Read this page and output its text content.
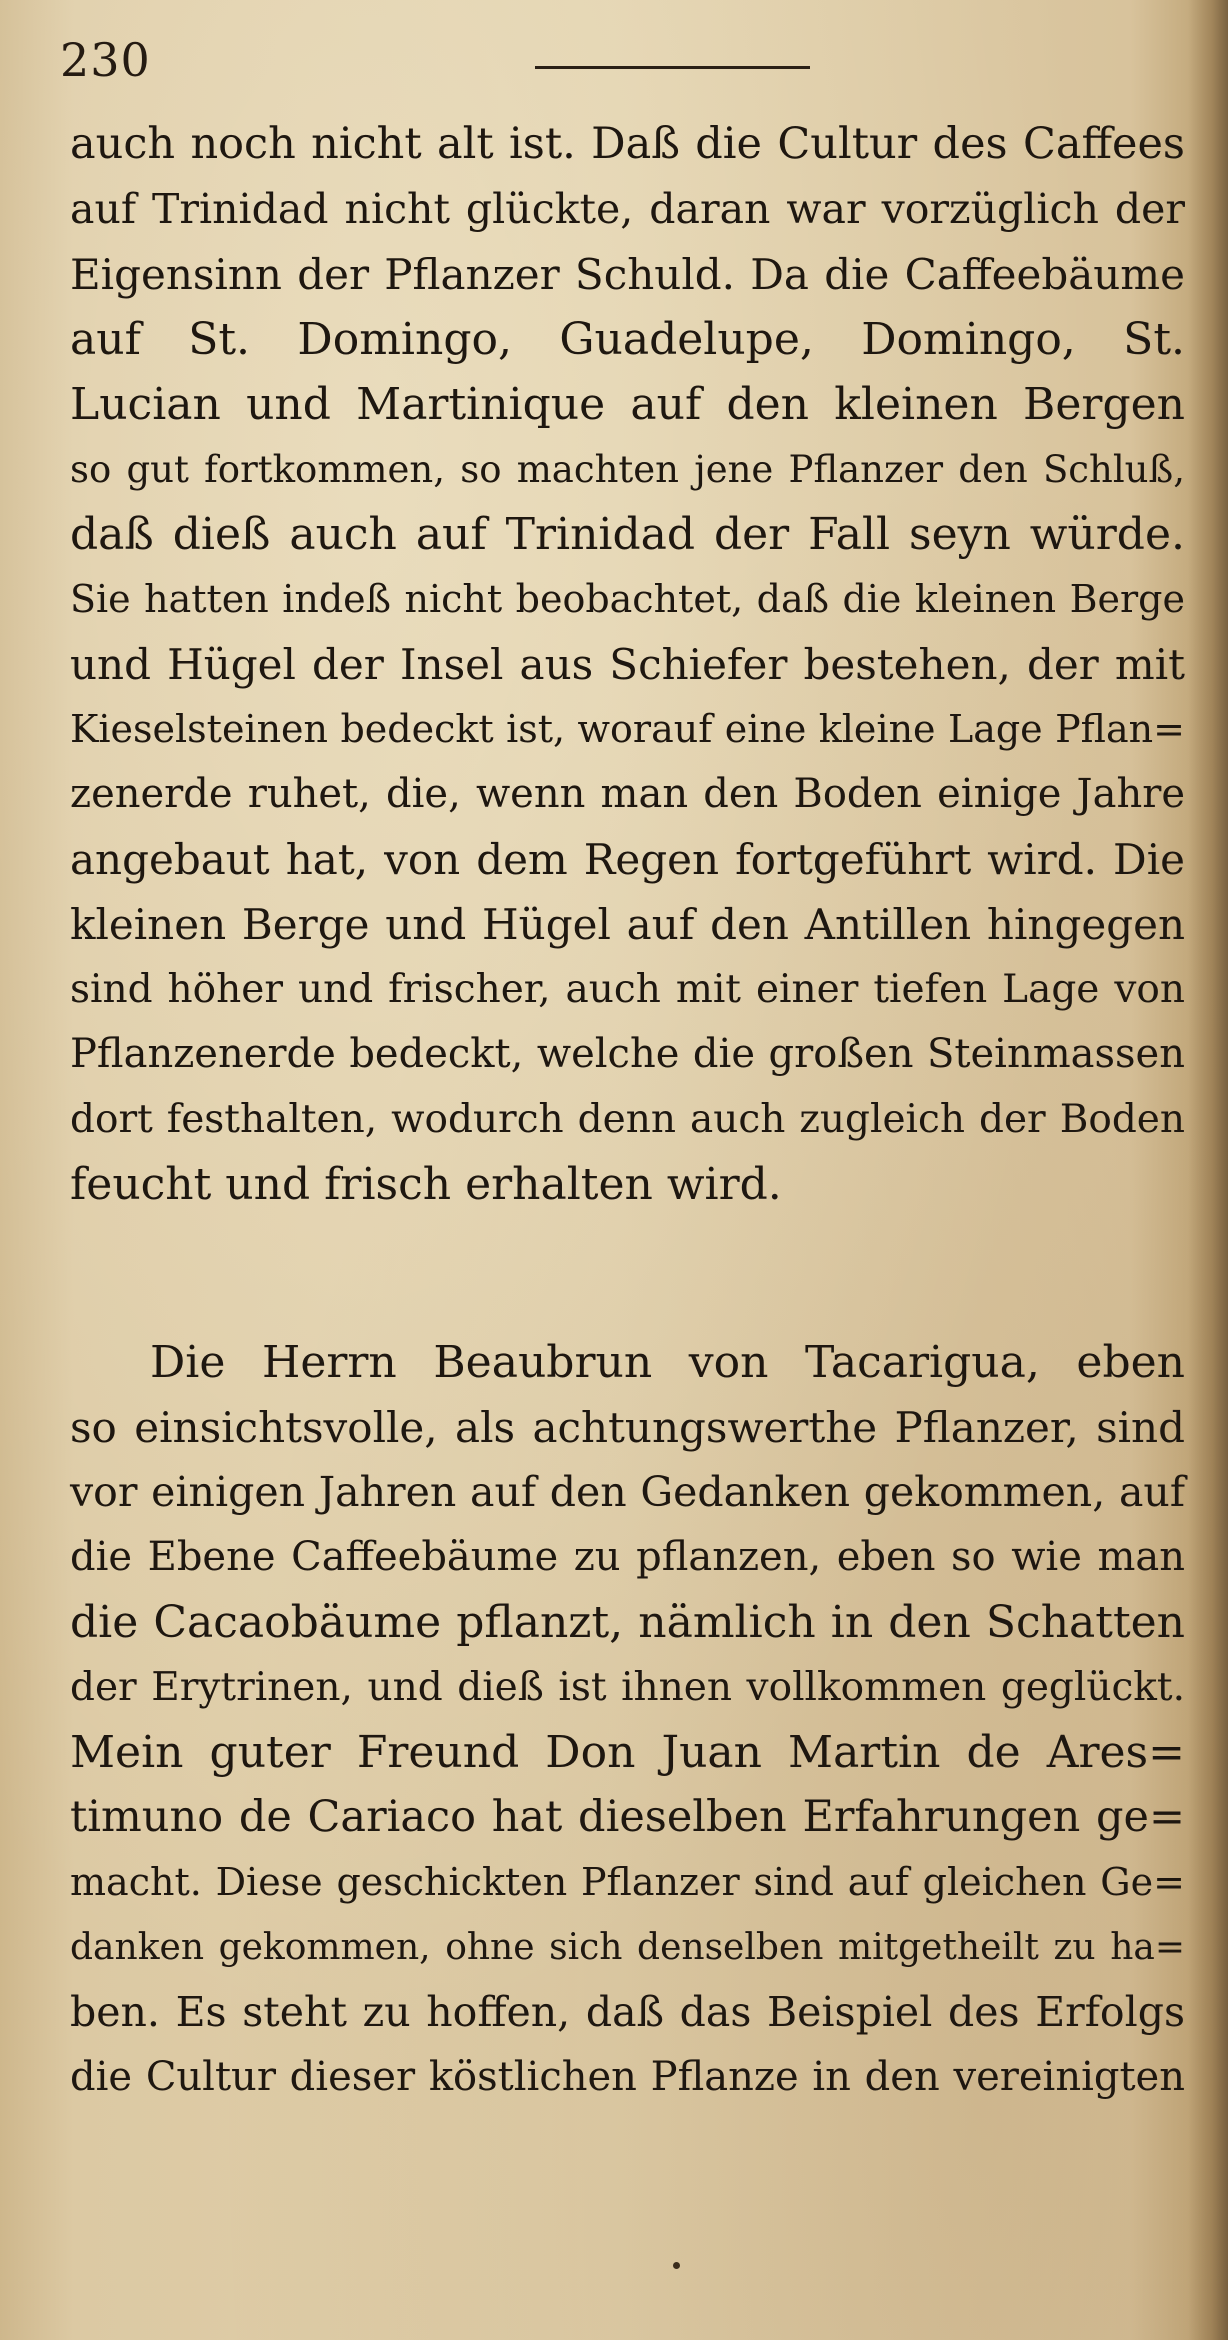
230
auch noch nicht alt ist. Daß die Cultur des Caffees
auf Trinidad nicht glückte, daran war vorzüglich der
Eigensinn der Pflanzer Schuld. Da die Caffeebäume
auf St. Domingo, Guadelupe, Domingo, St.
Lucian und Martinique auf den kleinen Bergen
so gut fortkommen, so machten jene Pflanzer den Schluß,
daß dieß auch auf Trinidad der Fall seyn würde.
Sie hatten indeß nicht beobachtet, daß die kleinen Berge
und Hügel der Insel aus Schiefer bestehen, der mit
Kieselsteinen bedeckt ist, worauf eine kleine Lage Pflan=
zenerde ruhet, die, wenn man den Boden einige Jahre
angebaut hat, von dem Regen fortgeführt wird. Die
kleinen Berge und Hügel auf den Antillen hingegen
sind höher und frischer, auch mit einer tiefen Lage von
Pflanzenerde bedeckt, welche die großen Steinmassen
dort festhalten, wodurch denn auch zugleich der Boden
feucht und frisch erhalten wird.
Die Herrn Beaubrun von Tacarigua, eben
so einsichtsvolle, als achtungswerthe Pflanzer, sind
vor einigen Jahren auf den Gedanken gekommen, auf
die Ebene Caffeebäume zu pflanzen, eben so wie man
die Cacaobäume pflanzt, nämlich in den Schatten
der Erytrinen, und dieß ist ihnen vollkommen geglückt.
Mein guter Freund Don Juan Martin de Ares=
timuno de Cariaco hat dieselben Erfahrungen ge=
macht. Diese geschickten Pflanzer sind auf gleichen Ge=
danken gekommen, ohne sich denselben mitgetheilt zu ha=
ben. Es steht zu hoffen, daß das Beispiel des Erfolgs
die Cultur dieser köstlichen Pflanze in den vereinigten
